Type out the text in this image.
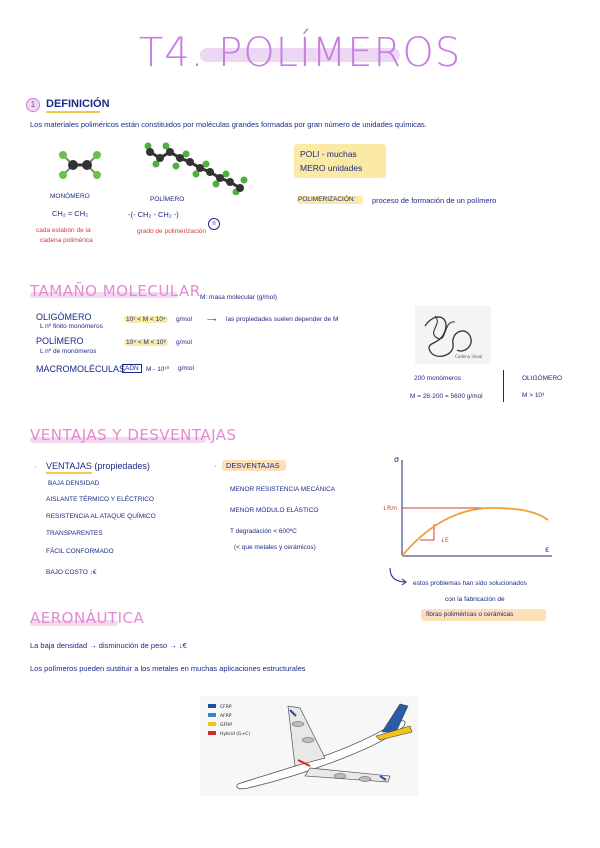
T4. POLÍMEROS
1 DEFINICIÓN
Los materiales poliméricos están constituidos por moléculas grandes formadas por gran número de unidades químicas.
MONÓMERO
CH₂ = CH₂
cada eslabón de la
cadena polimérica
POLÍMERO
-(- CH₂ - CH₂ -)
n
grado de polimerización
POLI - muchas
MERO unidades
POLIMERIZACIÓN: proceso de formación de un polímero
TAMAÑO MOLECULAR M: masa molecular (g/mol)
OLIGÓMERO
L nº finito monómeros
10² < M < 10⁴	g/mol ⟶ las propiedades suelen depender de M
POLÍMERO
L nº de monómeros
10⁴ < M < 10⁶	g/mol
MACROMOLÉCULAS ADN	M - 10¹⁰ g/mol
Cadena lineal
200 monómeros
M = 28·200 = 5600 g/mol
OLIGÓMERO
M > 10³
VENTAJAS Y DESVENTAJAS
· VENTAJAS (propiedades)
BAJA DENSIDAD
AISLANTE TÉRMICO Y ELÉCTRICO
RESISTENCIA AL ATAQUE QUÍMICO
TRANSPARENTES
FÁCIL CONFORMADO
BAJO COSTO ↓€
· DESVENTAJAS
MENOR RESISTENCIA MECÁNICA
MENOR MÓDULO ELÁSTICO
T degradación < 600ºC
(< que metales y cerámicos)
σ
ε
↓Rm
↓E
estos problemas han sido solucionados
con la fabricación de
fibras poliméricas o cerámicas
AERONÁUTICA
La baja densidad → disminución de peso → ↓€
Los polímeros pueden sustituir a los metales en muchas aplicaciones estructurales
CFRP
AFRP
GFRP
Hybrid (G+C)
